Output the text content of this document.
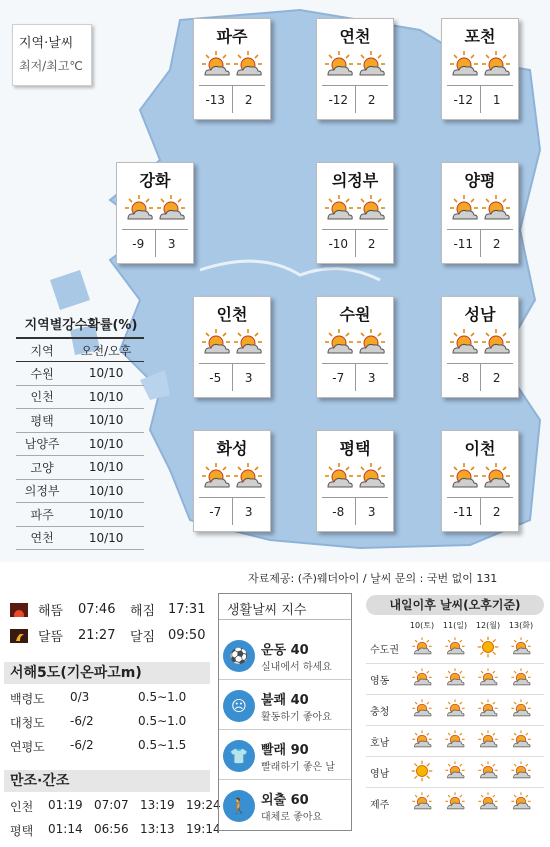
지역·날씨
최저/최고℃
파주
-13	2
연천
-12	2
포천
-12	1
강화
-9	3
의정부
-10	2
양평
-11	2
인천
-5	3
수원
-7	3
성남
-8	2
화성
-7	3
평택
-8	3
이천
-11	2
지역별강수확률(%)
지역	오전/오후
수원	10/10
인천	10/10
평택	10/10
남양주	10/10
고양	10/10
의정부	10/10
파주	10/10
연천	10/10
자료제공: (주)웨더아이 / 날씨 문의 : 국번 없이 131
해뜸	07:46	해짐 17:31
달뜸	21:27	달짐 09:50
서해5도(기온파고m)
백령도	0/3	0.5∼1.0
대청도	-6/2	0.5∼1.0
연평도	-6/2	0.5∼1.5
만조·간조
인천	01:19 07:07 13:19 19:24
평택	01:14 06:56 13:13 19:14
생활날씨 지수
⚽ 운동 40
실내에서 하세요
☹	불쾌 40
활동하기 좋아요
👕 빨래 90
빨래하기 좋은 날
🚶 외출 60
대체로 좋아요
내일이후 날씨(오후기준)
10(토) 11(일) 12(월) 13(화)
수도권
영동
충청
호남
영남
제주
